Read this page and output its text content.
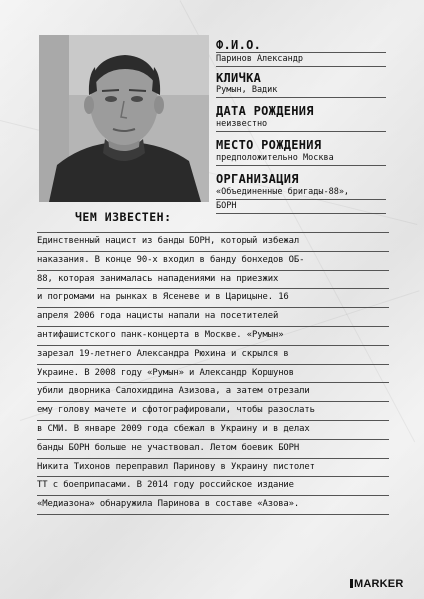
Ф.И.О.
Паринов Александр
КЛИЧКА
Румын, Вадик
ДАТА РОЖДЕНИЯ
неизвестно
МЕСТО РОЖДЕНИЯ
предположительно Москва
ОРГАНИЗАЦИЯ
«Объединенные бригады-88»,
БОРН
ЧЕМ ИЗВЕСТЕН:
Единственный нацист из банды БОРН, который избежал
наказания. В конце 90-х входил в банду бонхедов ОБ-
88, которая занималась нападениями на приезжих
и погромами на рынках в Ясеневе и в Царицыне. 16
апреля 2006 года нацисты напали на посетителей
антифашистского панк-концерта в Москве. «Румын»
зарезал 19-летнего Александра Рюхина и скрылся в
Украине. В 2008 году «Румын» и Александр Коршунов
убили дворника Салохиддина Азизова, а затем отрезали
ему голову мачете и сфотографировали, чтобы разослать
в СМИ. В январе 2009 года сбежал в Украину и в делах
банды БОРН больше не участвовал. Летом боевик БОРН
Никита Тихонов переправил Паринову в Украину пистолет
ТТ с боеприпасами. В 2014 году российское издание
«Медиазона» обнаружила Паринова в составе «Азова».
MARKER
